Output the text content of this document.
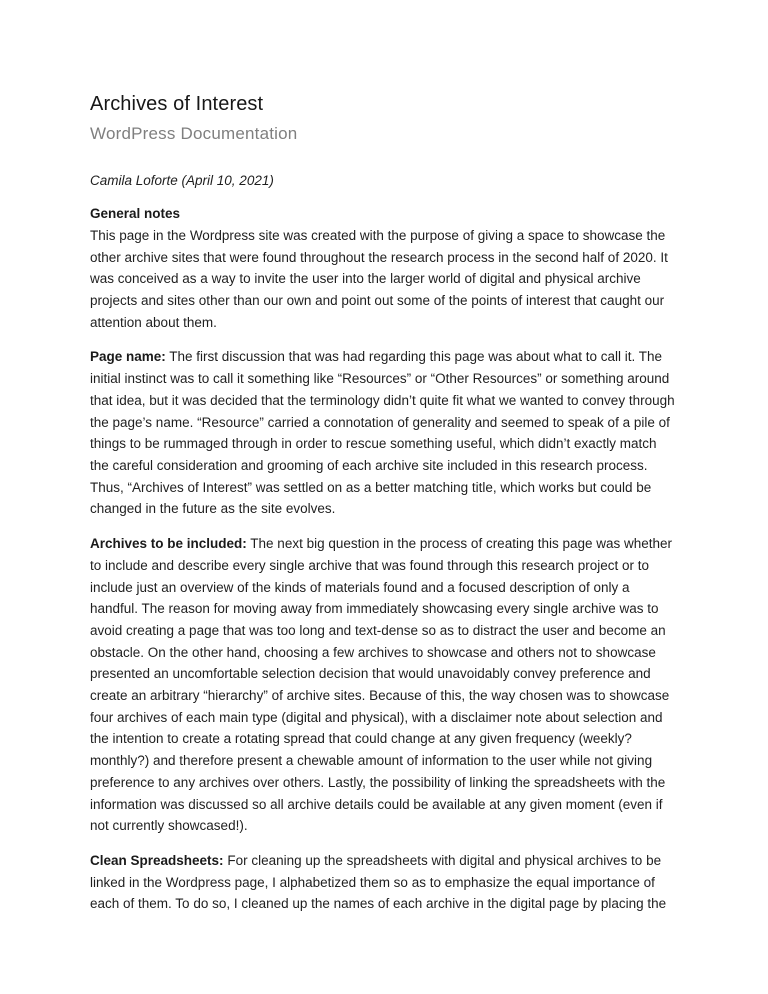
Archives of Interest
WordPress Documentation

Camila Loforte (April 10, 2021)

General notes
This page in the Wordpress site was created with the purpose of giving a space to showcase the other archive sites that were found throughout the research process in the second half of 2020. It was conceived as a way to invite the user into the larger world of digital and physical archive projects and sites other than our own and point out some of the points of interest that caught our attention about them.

Page name: The first discussion that was had regarding this page was about what to call it. The initial instinct was to call it something like “Resources” or “Other Resources” or something around that idea, but it was decided that the terminology didn’t quite fit what we wanted to convey through the page’s name. “Resource” carried a connotation of generality and seemed to speak of a pile of things to be rummaged through in order to rescue something useful, which didn’t exactly match the careful consideration and grooming of each archive site included in this research process. Thus, “Archives of Interest” was settled on as a better matching title, which works but could be changed in the future as the site evolves.

Archives to be included: The next big question in the process of creating this page was whether to include and describe every single archive that was found through this research project or to include just an overview of the kinds of materials found and a focused description of only a handful. The reason for moving away from immediately showcasing every single archive was to avoid creating a page that was too long and text-dense so as to distract the user and become an obstacle. On the other hand, choosing a few archives to showcase and others not to showcase presented an uncomfortable selection decision that would unavoidably convey preference and create an arbitrary “hierarchy” of archive sites. Because of this, the way chosen was to showcase four archives of each main type (digital and physical), with a disclaimer note about selection and the intention to create a rotating spread that could change at any given frequency (weekly? monthly?) and therefore present a chewable amount of information to the user while not giving preference to any archives over others. Lastly, the possibility of linking the spreadsheets with the information was discussed so all archive details could be available at any given moment (even if not currently showcased!).

Clean Spreadsheets: For cleaning up the spreadsheets with digital and physical archives to be linked in the Wordpress page, I alphabetized them so as to emphasize the equal importance of each of them. To do so, I cleaned up the names of each archive in the digital page by placing the
